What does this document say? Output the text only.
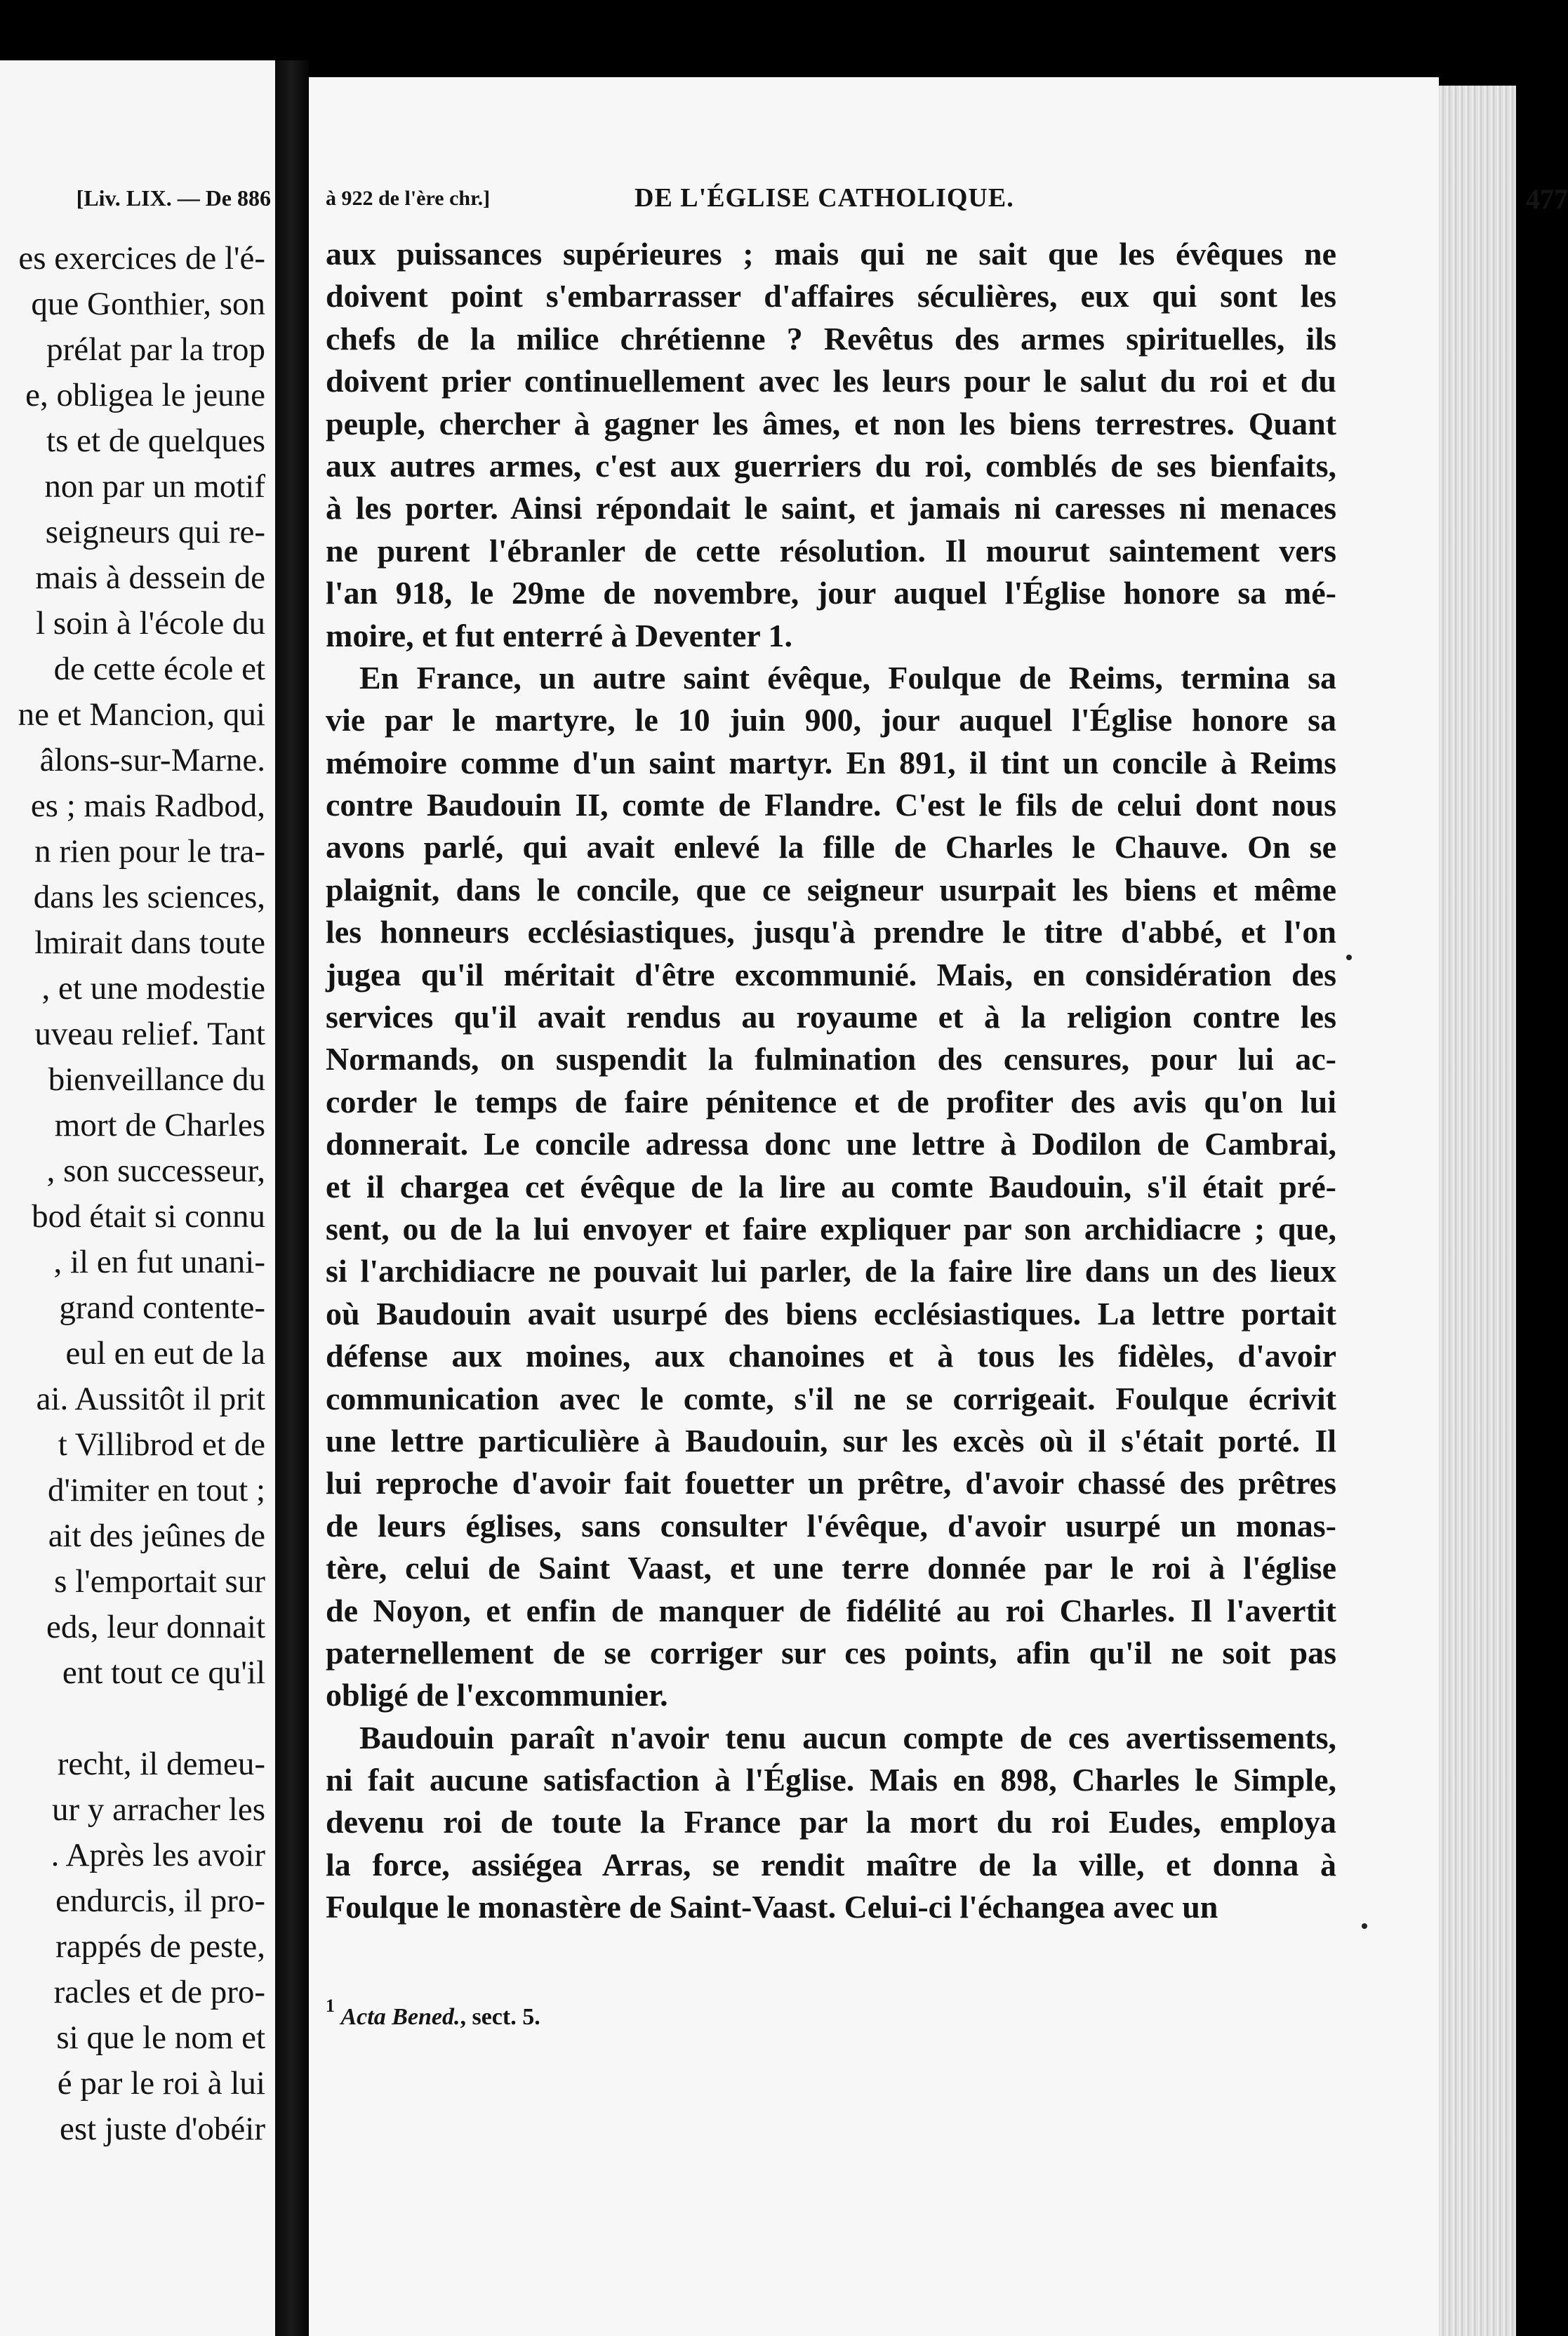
[Liv. LIX. — De 886
es exercices de l'é-
que Gonthier, son
prélat par la trop
e, obligea le jeune
ts et de quelques
non par un motif
seigneurs qui re-
mais à dessein de
l soin à l'école du
de cette école et
ne et Mancion, qui
âlons-sur-Marne.
es ; mais Radbod,
n rien pour le tra-
dans les sciences,
lmirait dans toute
, et une modestie
uveau relief. Tant
bienveillance du
mort de Charles
, son successeur,
bod était si connu
, il en fut unani-
grand contente-
eul en eut de la
ai. Aussitôt il prit
t Villibrod et de
d'imiter en tout ;
ait des jeûnes de
s l'emportait sur
eds, leur donnait
ent tout ce qu'il
recht, il demeu-
ur y arracher les
. Après les avoir
endurcis, il pro-
rappés de peste,
racles et de pro-
si que le nom et
é par le roi à lui
est juste d'obéir
à 922 de l'ère chr.]	DE L'ÉGLISE CATHOLIQUE.	477
aux puissances supérieures ; mais qui ne sait que les évêques ne
doivent point s'embarrasser d'affaires séculières, eux qui sont les
chefs de la milice chrétienne ? Revêtus des armes spirituelles, ils
doivent prier continuellement avec les leurs pour le salut du roi et du
peuple, chercher à gagner les âmes, et non les biens terrestres. Quant
aux autres armes, c'est aux guerriers du roi, comblés de ses bienfaits,
à les porter. Ainsi répondait le saint, et jamais ni caresses ni menaces
ne purent l'ébranler de cette résolution. Il mourut saintement vers
l'an 918, le 29me de novembre, jour auquel l'Église honore sa mé-
moire, et fut enterré à Deventer 1.
En France, un autre saint évêque, Foulque de Reims, termina sa
vie par le martyre, le 10 juin 900, jour auquel l'Église honore sa
mémoire comme d'un saint martyr. En 891, il tint un concile à Reims
contre Baudouin II, comte de Flandre. C'est le fils de celui dont nous
avons parlé, qui avait enlevé la fille de Charles le Chauve. On se
plaignit, dans le concile, que ce seigneur usurpait les biens et même
les honneurs ecclésiastiques, jusqu'à prendre le titre d'abbé, et l'on
jugea qu'il méritait d'être excommunié. Mais, en considération des
services qu'il avait rendus au royaume et à la religion contre les
Normands, on suspendit la fulmination des censures, pour lui ac-
corder le temps de faire pénitence et de profiter des avis qu'on lui
donnerait. Le concile adressa donc une lettre à Dodilon de Cambrai,
et il chargea cet évêque de la lire au comte Baudouin, s'il était pré-
sent, ou de la lui envoyer et faire expliquer par son archidiacre ; que,
si l'archidiacre ne pouvait lui parler, de la faire lire dans un des lieux
où Baudouin avait usurpé des biens ecclésiastiques. La lettre portait
défense aux moines, aux chanoines et à tous les fidèles, d'avoir
communication avec le comte, s'il ne se corrigeait. Foulque écrivit
une lettre particulière à Baudouin, sur les excès où il s'était porté. Il
lui reproche d'avoir fait fouetter un prêtre, d'avoir chassé des prêtres
de leurs églises, sans consulter l'évêque, d'avoir usurpé un monas-
tère, celui de Saint Vaast, et une terre donnée par le roi à l'église
de Noyon, et enfin de manquer de fidélité au roi Charles. Il l'avertit
paternellement de se corriger sur ces points, afin qu'il ne soit pas
obligé de l'excommunier.
Baudouin paraît n'avoir tenu aucun compte de ces avertissements,
ni fait aucune satisfaction à l'Église. Mais en 898, Charles le Simple,
devenu roi de toute la France par la mort du roi Eudes, employa
la force, assiégea Arras, se rendit maître de la ville, et donna à
Foulque le monastère de Saint-Vaast. Celui-ci l'échangea avec un
$^1$ Acta Bened., sect. 5.
